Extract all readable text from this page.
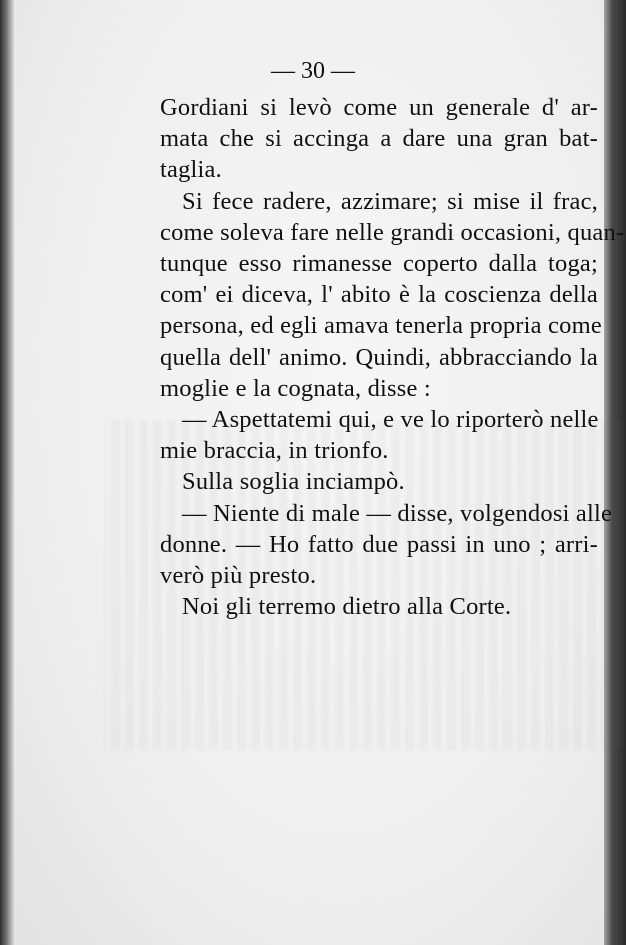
— 30 —
Gordiani si levò come un generale d' ar-
mata che si accinga a dare una gran bat-
taglia.
Si fece radere, azzimare; si mise il frac,
come soleva fare nelle grandi occasioni, quan-
tunque esso rimanesse coperto dalla toga;
com' ei diceva, l' abito è la coscienza della
persona, ed egli amava tenerla propria come
quella dell' animo. Quindi, abbracciando la
moglie e la cognata, disse :
— Aspettatemi qui, e ve lo riporterò nelle
mie braccia, in trionfo.
Sulla soglia inciampò.
— Niente di male — disse, volgendosi alle
donne. — Ho fatto due passi in uno ; arri-
verò più presto.
Noi gli terremo dietro alla Corte.
